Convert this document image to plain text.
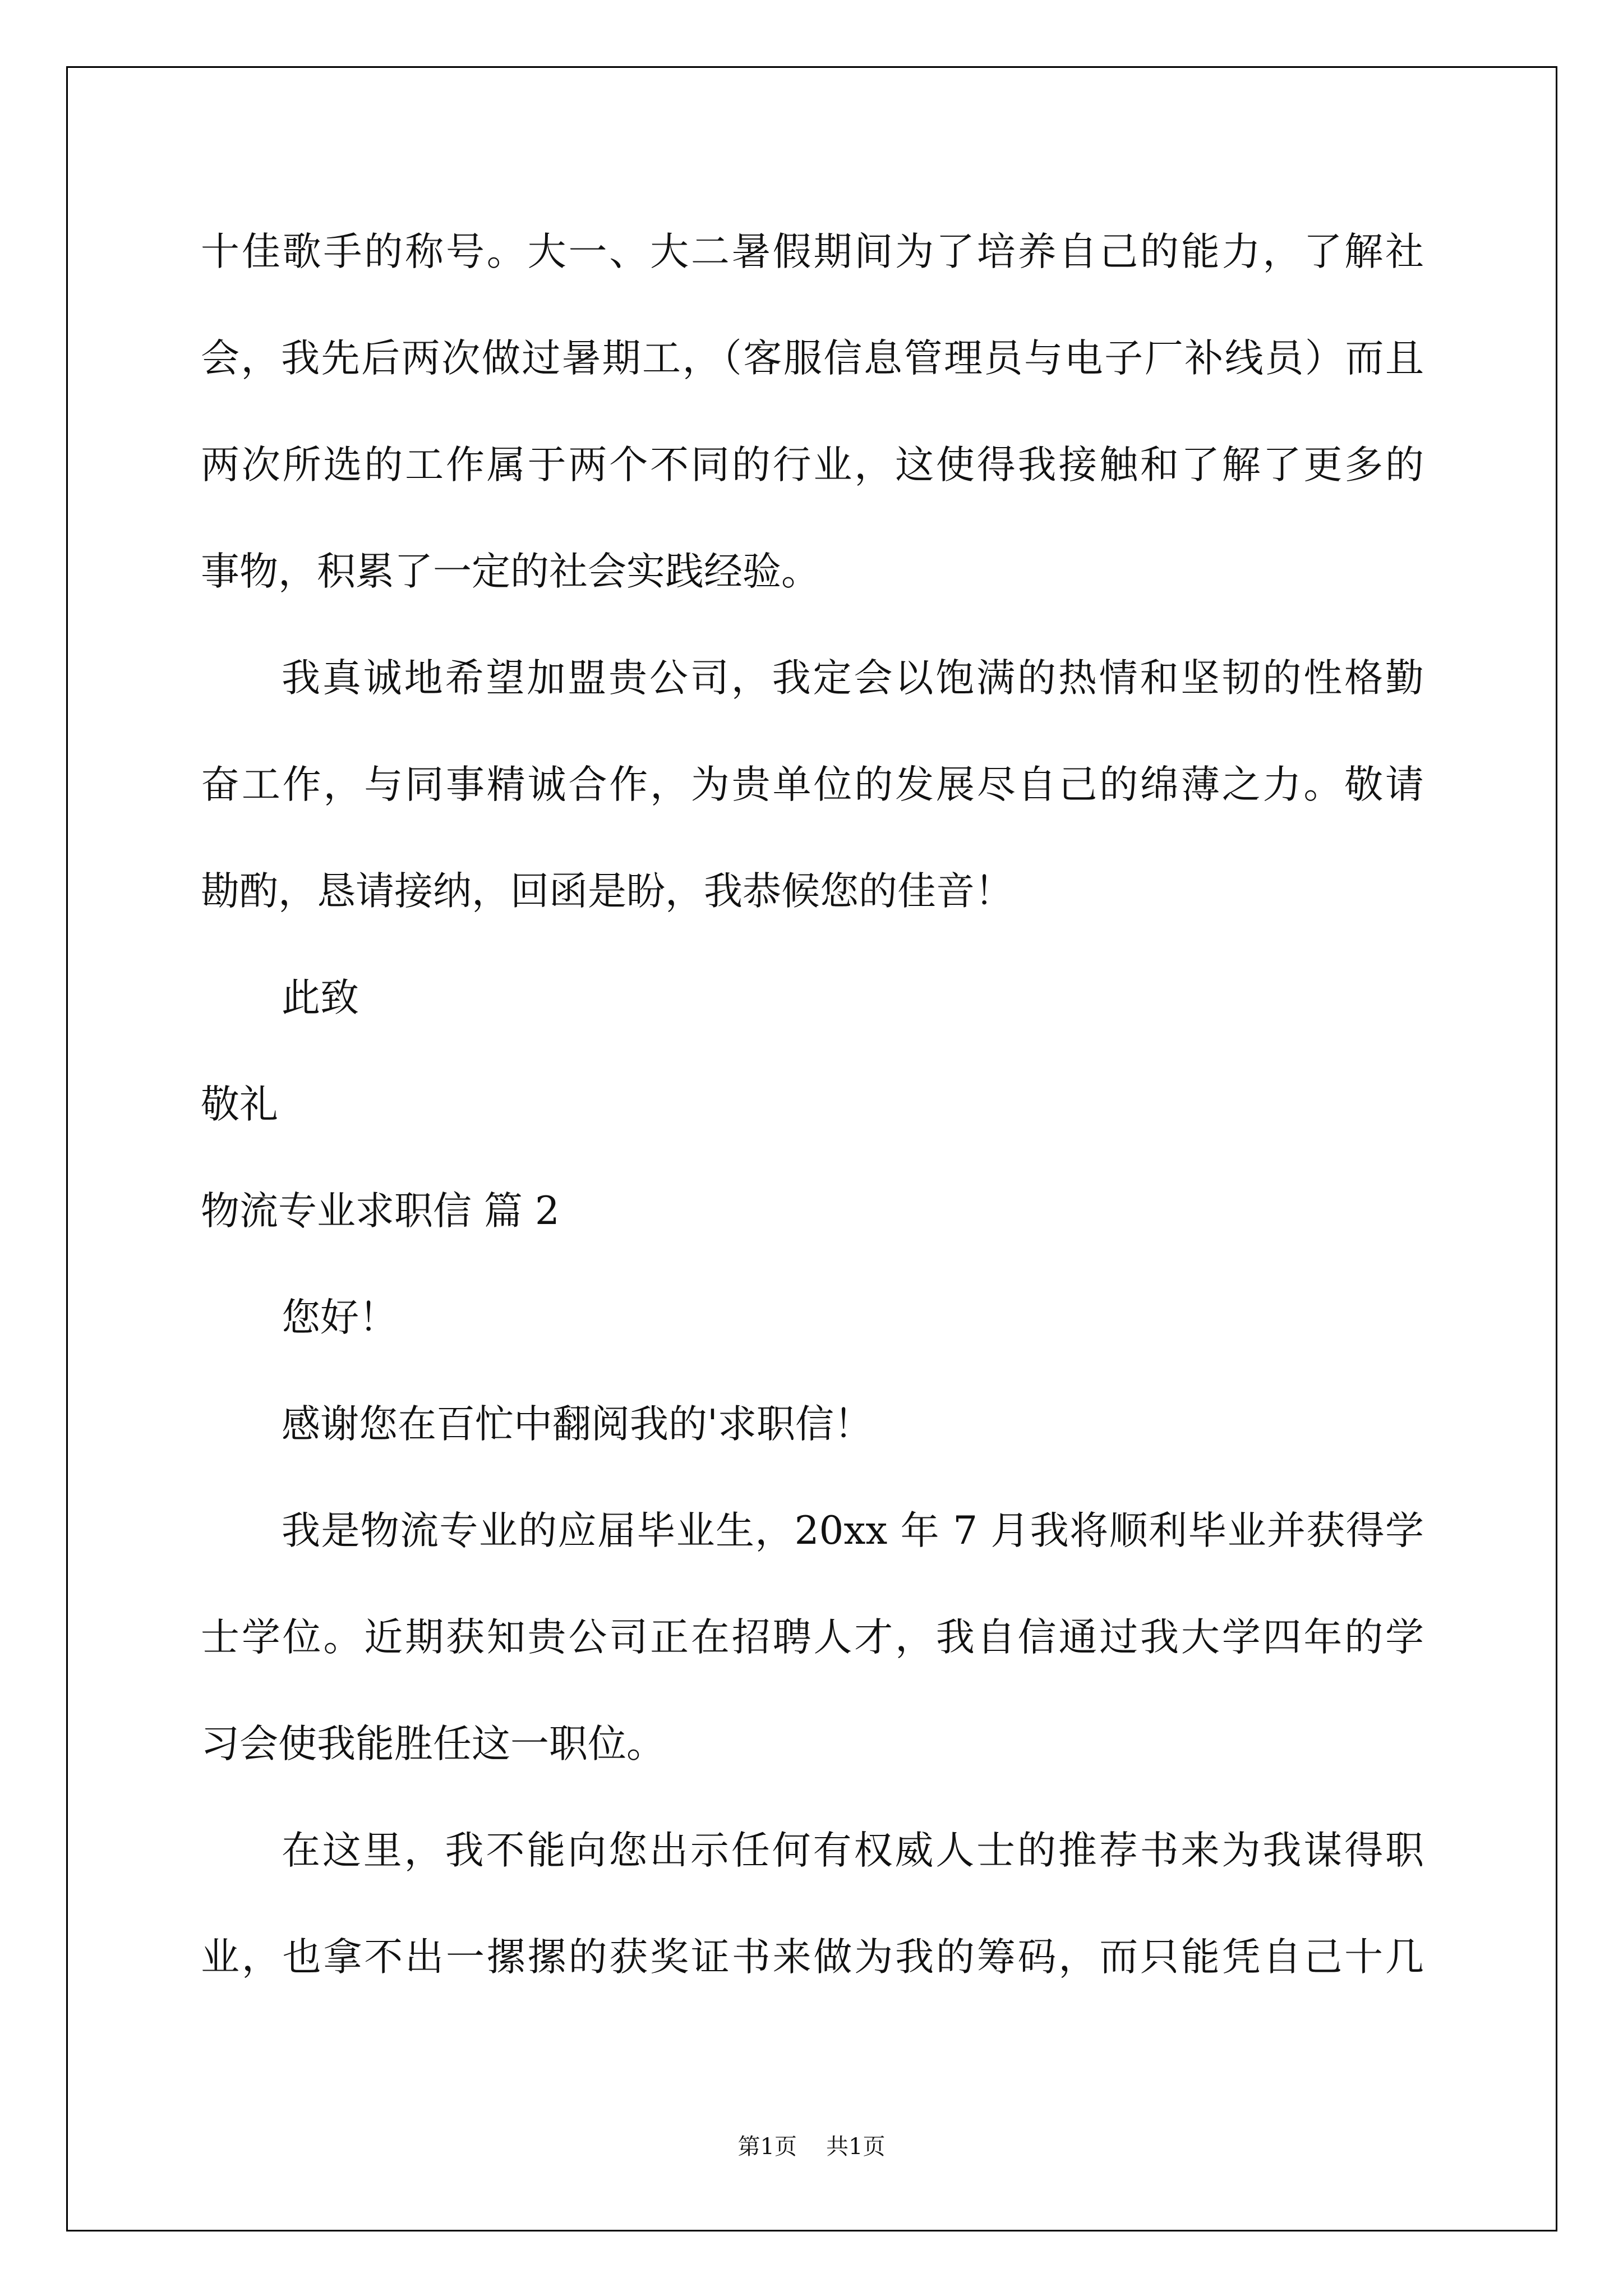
十佳歌手的称号。大一、大二暑假期间为了培养自己的能力，了解社
会，我先后两次做过暑期工，（客服信息管理员与电子厂补线员）而且
两次所选的工作属于两个不同的行业，这使得我接触和了解了更多的
事物，积累了一定的社会实践经验。
我真诚地希望加盟贵公司，我定会以饱满的热情和坚韧的性格勤
奋工作，与同事精诚合作，为贵单位的发展尽自己的绵薄之力。敬请
勘酌，恳请接纳，回函是盼，我恭候您的佳音！
此致
敬礼
物流专业求职信 篇 2
您好！
感谢您在百忙中翻阅我的'求职信！
我是物流专业的应届毕业生，20xx 年 7 月我将顺利毕业并获得学
士学位。近期获知贵公司正在招聘人才，我自信通过我大学四年的学
习会使我能胜任这一职位。
在这里，我不能向您出示任何有权威人士的推荐书来为我谋得职
业，也拿不出一摞摞的获奖证书来做为我的筹码，而只能凭自己十几
第1页 共1页
